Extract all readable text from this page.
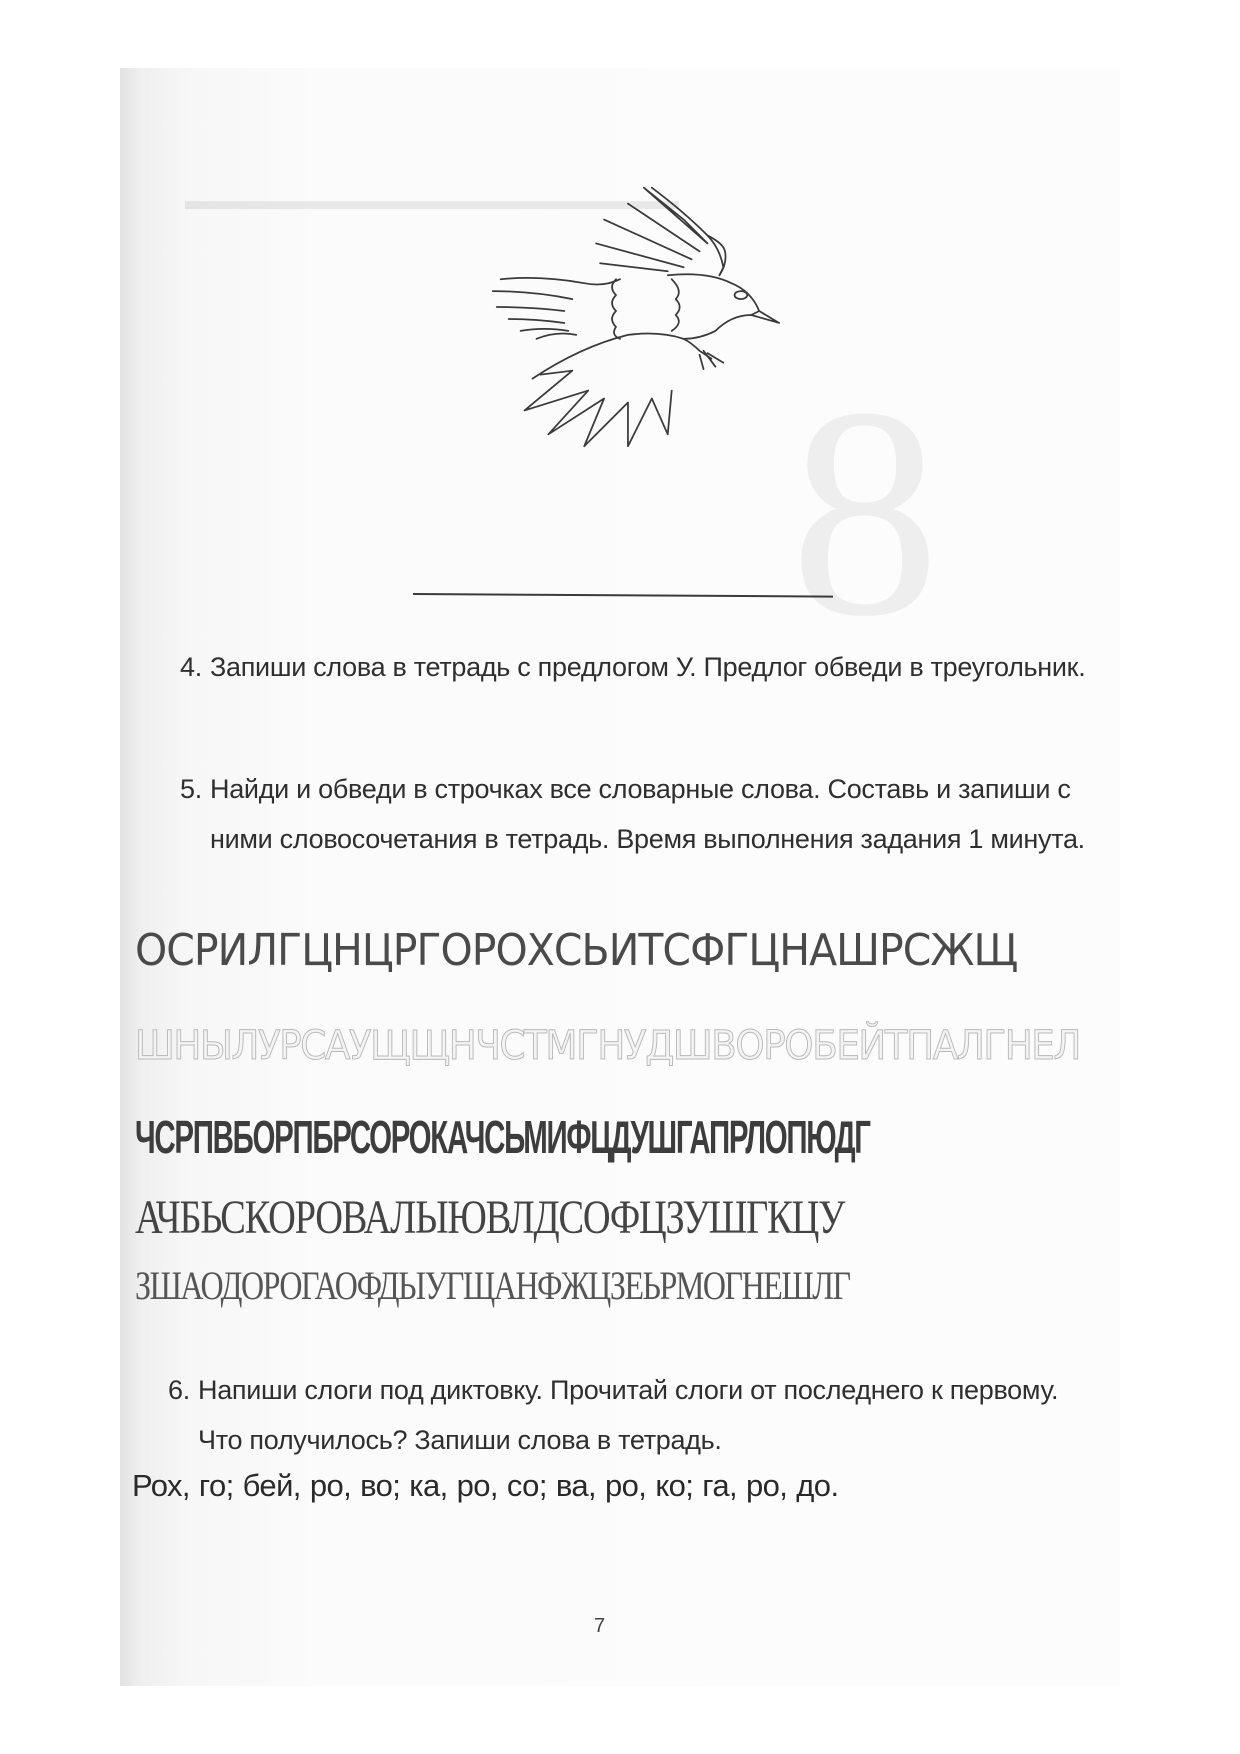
▬▬▬▬▬▬▬▬▬▬▬▬▬▬▬▬▬▬▬
8
4. Запиши слова в тетрадь с предлогом У. Предлог обведи в треугольник.
5. Найди и обведи в строчках все словарные слова. Составь и запиши с ними словосочетания в тетрадь. Время выполнения задания 1 минута.
ОСРИЛГЦНЦРГОРОХСЬИТСФГЦНАШРСЖЩ
ШНЫЛУРСАУЩЩНЧСТМГНУДШВОРОБЕЙТПАЛГНЕЛ
ЧСРПВБОРПБРСОРОКАЧСЬМИФЦДУШГАПРЛОПЮДГ
АЧБЬСКОРОВАЛЫЮВЛДСОФЦЗУШГКЦУ
ЗШАОДОРОГАОФДЫУГЩАНФЖЦЗЕЬРМОГНЕШЛГ
6. Напиши слоги под диктовку. Прочитай слоги от последнего к первому. Что получилось? Запиши слова в тетрадь.
Рох, го; бей, ро, во; ка, ро, со; ва, ро, ко; га, ро, до.
7
